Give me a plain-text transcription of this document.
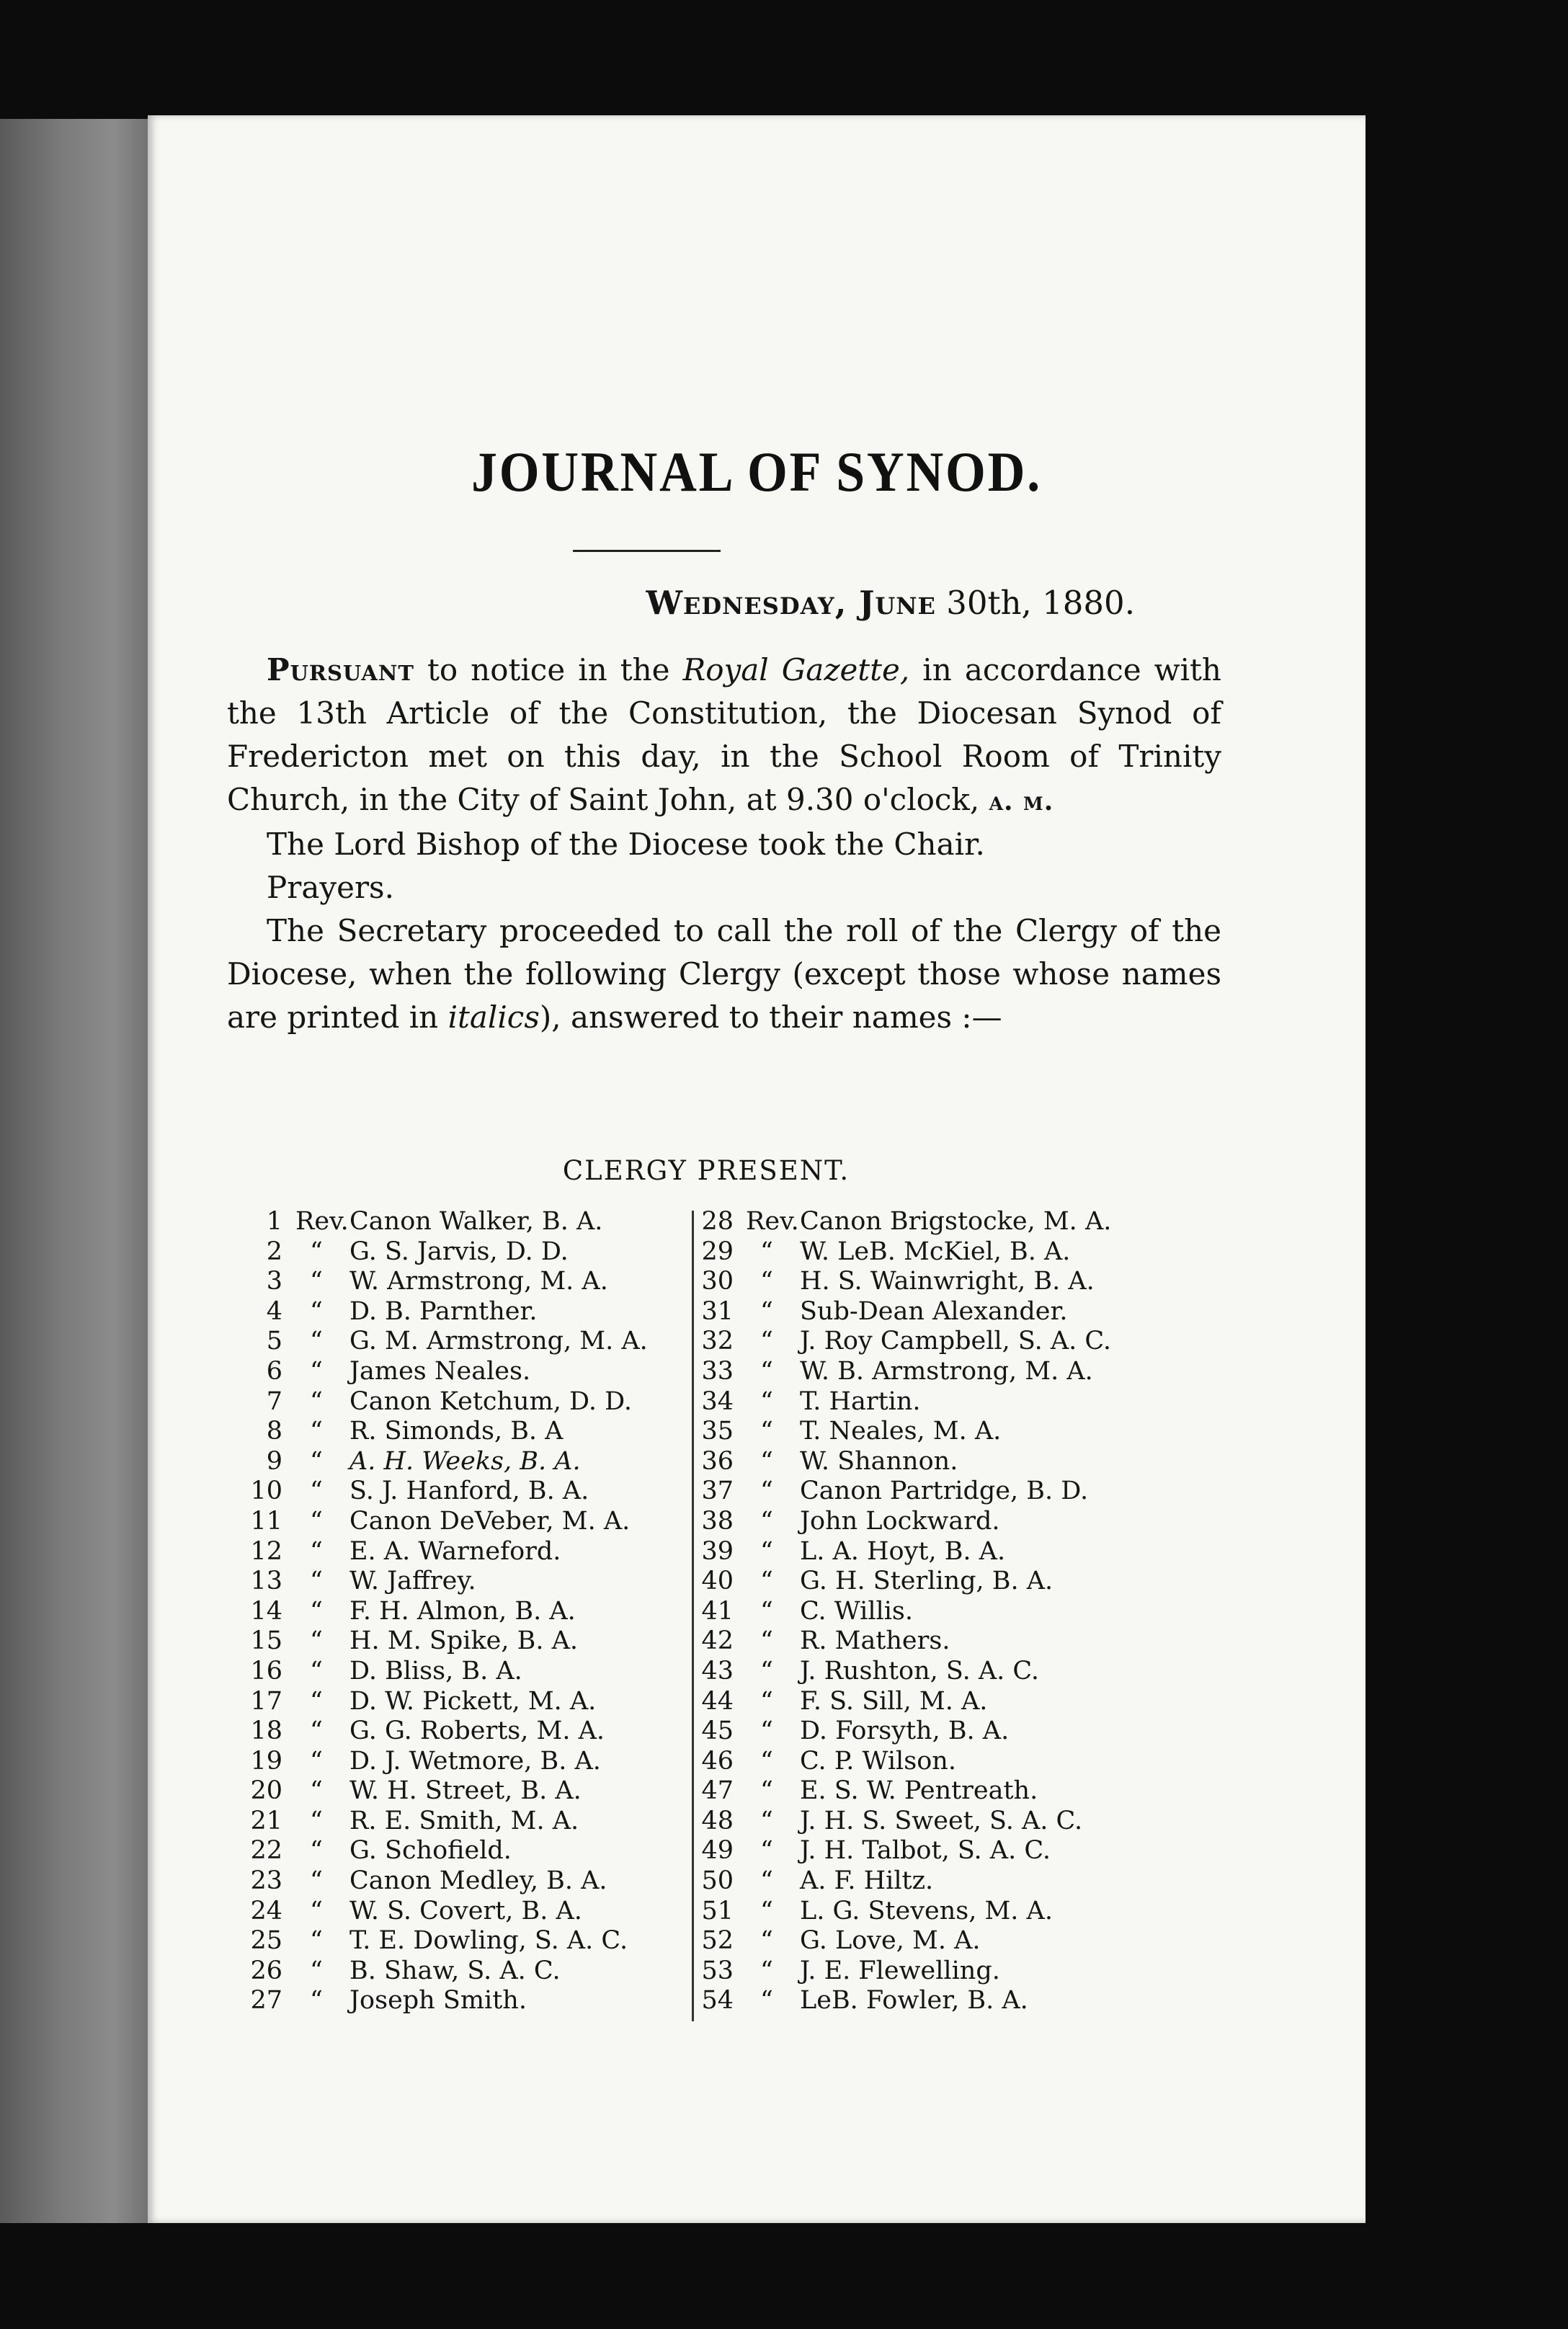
JOURNAL OF SYNOD.
Wednesday, June 30th, 1880.

Pursuant to notice in the Royal Gazette, in accordance with the 13th Article of the Constitution, the Diocesan Synod of Fredericton met on this day, in the School Room of Trinity Church, in the City of Saint John, at 9.30 o'clock, a. m.

The Lord Bishop of the Diocese took the Chair.

Prayers.

The Secretary proceeded to call the roll of the Clergy of the Diocese, when the following Clergy (except those whose names are printed in italics), answered to their names :—

CLERGY PRESENT.
1 Rev. Canon Walker, B. A.
2 “ G. S. Jarvis, D. D.
3 “ W. Armstrong, M. A.
4 “ D. B. Parnther.
5 “ G. M. Armstrong, M. A.
6 “ James Neales.
7 “ Canon Ketchum, D. D.
8 “ R. Simonds, B. A
9 “ A. H. Weeks, B. A.
10 “ S. J. Hanford, B. A.
11 “ Canon DeVeber, M. A.
12 “ E. A. Warneford.
13 “ W. Jaffrey.
14 “ F. H. Almon, B. A.
15 “ H. M. Spike, B. A.
16 “ D. Bliss, B. A.
17 “ D. W. Pickett, M. A.
18 “ G. G. Roberts, M. A.
19 “ D. J. Wetmore, B. A.
20 “ W. H. Street, B. A.
21 “ R. E. Smith, M. A.
22 “ G. Schofield.
23 “ Canon Medley, B. A.
24 “ W. S. Covert, B. A.
25 “ T. E. Dowling, S. A. C.
26 “ B. Shaw, S. A. C.
27 “ Joseph Smith.
28 Rev. Canon Brigstocke, M. A.
29 “ W. LeB. McKiel, B. A.
30 “ H. S. Wainwright, B. A.
31 “ Sub-Dean Alexander.
32 “ J. Roy Campbell, S. A. C.
33 “ W. B. Armstrong, M. A.
34 “ T. Hartin.
35 “ T. Neales, M. A.
36 “ W. Shannon.
37 “ Canon Partridge, B. D.
38 “ John Lockward.
39 “ L. A. Hoyt, B. A.
40 “ G. H. Sterling, B. A.
41 “ C. Willis.
42 “ R. Mathers.
43 “ J. Rushton, S. A. C.
44 “ F. S. Sill, M. A.
45 “ D. Forsyth, B. A.
46 “ C. P. Wilson.
47 “ E. S. W. Pentreath.
48 “ J. H. S. Sweet, S. A. C.
49 “ J. H. Talbot, S. A. C.
50 “ A. F. Hiltz.
51 “ L. G. Stevens, M. A.
52 “ G. Love, M. A.
53 “ J. E. Flewelling.
54 “ LeB. Fowler, B. A.
